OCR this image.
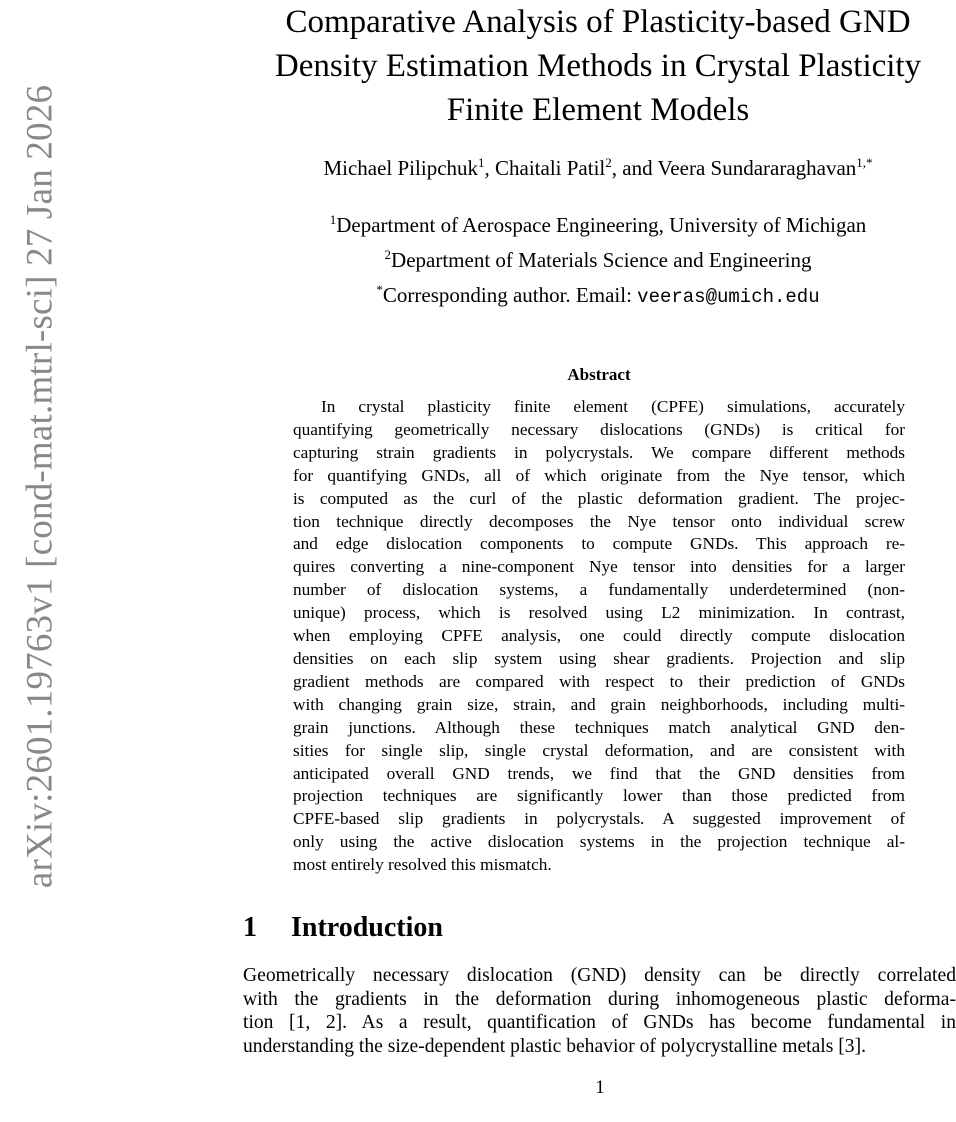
arXiv:2601.19763v1 [cond-mat.mtrl-sci] 27 Jan 2026
Comparative Analysis of Plasticity-based GND
Density Estimation Methods in Crystal Plasticity
Finite Element Models
Michael Pilipchuk$^1$, Chaitali Patil$^2$, and Veera Sundararaghavan$^{1,*}$
$^1$Department of Aerospace Engineering, University of Michigan
$^2$Department of Materials Science and Engineering
*Corresponding author. Email: veeras@umich.edu
Abstract
In crystal plasticity finite element (CPFE) simulations, accurately
quantifying geometrically necessary dislocations (GNDs) is critical for
capturing strain gradients in polycrystals. We compare different methods
for quantifying GNDs, all of which originate from the Nye tensor, which
is computed as the curl of the plastic deformation gradient. The projec-
tion technique directly decomposes the Nye tensor onto individual screw
and edge dislocation components to compute GNDs. This approach re-
quires converting a nine-component Nye tensor into densities for a larger
number of dislocation systems, a fundamentally underdetermined (non-
unique) process, which is resolved using L2 minimization. In contrast,
when employing CPFE analysis, one could directly compute dislocation
densities on each slip system using shear gradients. Projection and slip
gradient methods are compared with respect to their prediction of GNDs
with changing grain size, strain, and grain neighborhoods, including multi-
grain junctions. Although these techniques match analytical GND den-
sities for single slip, single crystal deformation, and are consistent with
anticipated overall GND trends, we find that the GND densities from
projection techniques are significantly lower than those predicted from
CPFE-based slip gradients in polycrystals. A suggested improvement of
only using the active dislocation systems in the projection technique al-
most entirely resolved this mismatch.
1 Introduction
Geometrically necessary dislocation (GND) density can be directly correlated
with the gradients in the deformation during inhomogeneous plastic deforma-
tion [1, 2]. As a result, quantification of GNDs has become fundamental in
understanding the size-dependent plastic behavior of polycrystalline metals [3].
1
